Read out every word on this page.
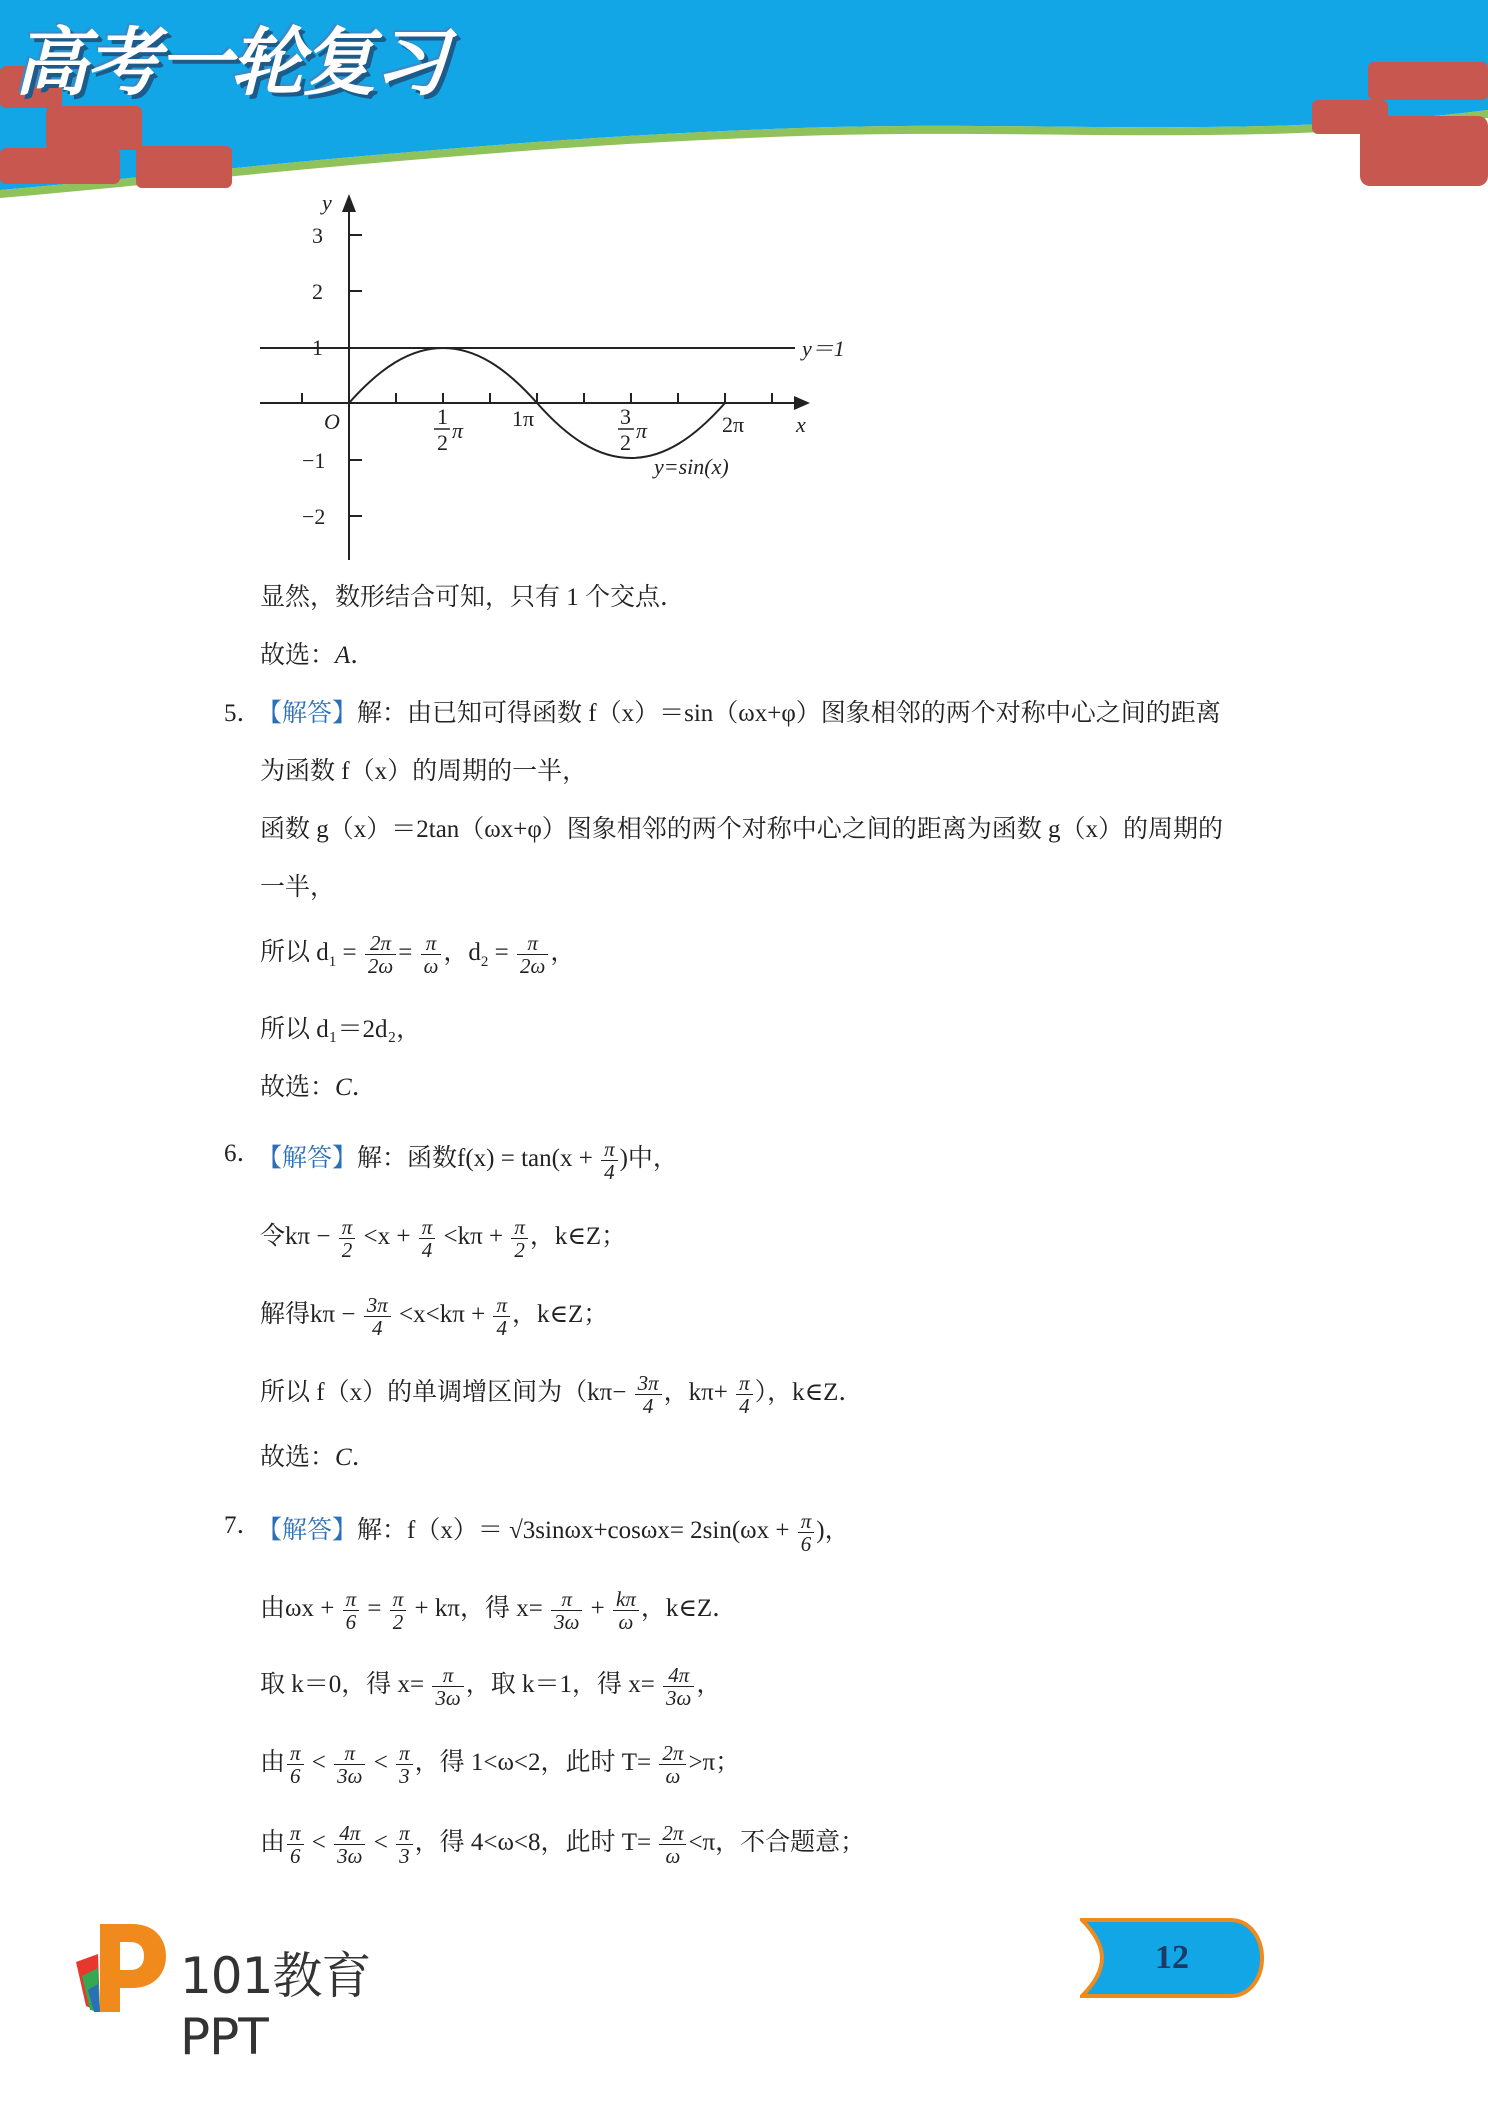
高考一轮复习
y
x
O
3
2
1
−1
−2
1
2 π 1π	3
2 π	2π
y＝1
y=sin(x)
显然，数形结合可知，只有 1 个交点．
故选：A．
5．
【解答】解：由已知可得函数 f（x）＝sin（ωx+φ）图象相邻的两个对称中心之间的距离
为函数 f（x）的周期的一半，
函数 g（x）＝2tan（ωx+φ）图象相邻的两个对称中心之间的距离为函数 g（x）的周期的
一半，
所以 $d_1 = \frac{2\pi}{2\omega} = \frac{\pi}{\omega}$ ，$d_2 = \frac{\pi}{2\omega}$ ，
所以 d₁＝2d₂，
故选：C．
6．
【解答】解：函数$f(x) = \tan(x + \frac{\pi}{4}$ )中，
令$k\pi - \frac{\pi}{2} <x + \frac{\pi}{4} <k\pi + \frac{\pi}{2}$ ，k∈Z；
解得$k\pi - \frac{3\pi}{4} <x<k\pi + \frac{\pi}{4}$ ，k∈Z；
所以 f（x）的单调增区间为（$k\pi- \frac{3\pi}{4}$ ，$k\pi+ \frac{\pi}{4}$ ），k∈Z．
故选：C．
7．
【解答】解：$f(x)= √3\sin\omega x+\cos\omega x= 2\sin(\omega x + \frac{\pi}{6}$ )，
由$\omega x + \frac{\pi}{6} = \frac{\pi}{2} + k\pi$，得 $x= \frac{\pi}{3\omega} + \frac{k\pi}{\omega}$ ，k∈Z．
取 k＝0，得 $x= \frac{\pi}{3\omega}$ ，取 k＝1，得 $x= \frac{4\pi}{3\omega}$ ，
由 $\frac{\pi}{6} < \frac{\pi}{3\omega} < \frac{\pi}{3}$ ，得 1<ω<2，此时 $T= \frac{2\pi}{\omega} >\pi$；
由 $\frac{\pi}{6} < \frac{4\pi}{3\omega} < \frac{\pi}{3}$ ，得 4<ω<8，此时 $T= \frac{2\pi}{\omega} <\pi$，不合题意；
101教育PPT
12
